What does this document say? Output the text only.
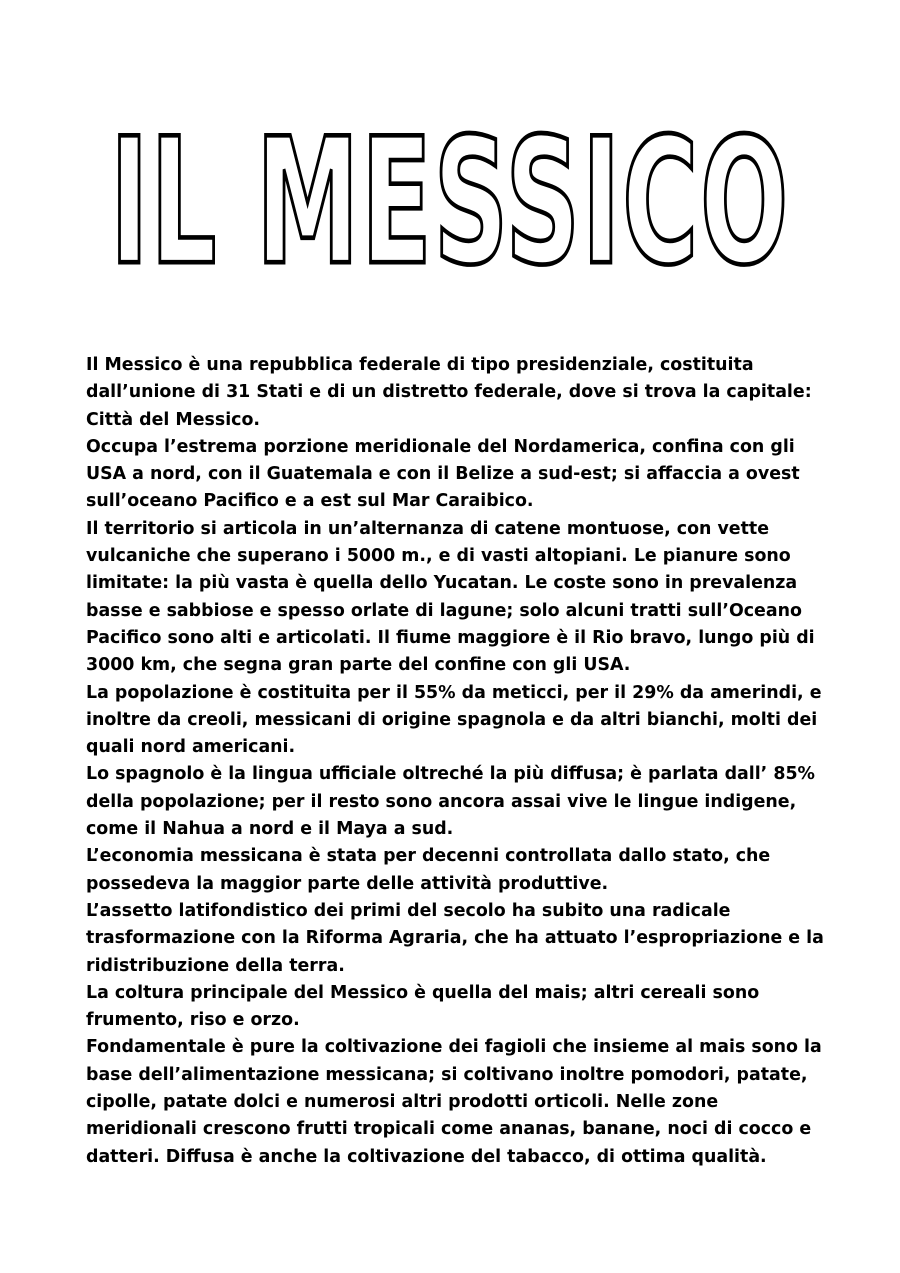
IL MESSICO

Il Messico è una repubblica federale di tipo presidenziale, costituita dall’unione di 31 Stati e di un distretto federale, dove si trova la capitale: Città del Messico.

Occupa l’estrema porzione meridionale del Nordamerica, confina con gli USA a nord, con il Guatemala e con il Belize a sud-est; si affaccia a ovest sull’oceano Pacifico e a est sul Mar Caraibico.

Il territorio si articola in un’alternanza di catene montuose, con vette vulcaniche che superano i 5000 m., e di vasti altopiani. Le pianure sono limitate: la più vasta è quella dello Yucatan. Le coste sono in prevalenza basse e sabbiose e spesso orlate di lagune; solo alcuni tratti sull’Oceano Pacifico sono alti e articolati. Il fiume maggiore è il Rio bravo, lungo più di 3000 km, che segna gran parte del confine con gli USA.

La popolazione è costituita per il 55% da meticci, per il 29% da amerindi, e inoltre da creoli, messicani di origine spagnola e da altri bianchi, molti dei quali nord americani.

Lo spagnolo è la lingua ufficiale oltreché la più diffusa; è parlata dall’ 85% della popolazione; per il resto sono ancora assai vive le lingue indigene, come il Nahua a nord e il Maya a sud.

L’economia messicana è stata per decenni controllata dallo stato, che possedeva la maggior parte delle attività produttive.

L’assetto latifondistico dei primi del secolo ha subito una radicale trasformazione con la Riforma Agraria, che ha attuato l’espropriazione e la ridistribuzione della terra.

La coltura principale del Messico è quella del mais; altri cereali sono frumento, riso e orzo.

Fondamentale è pure la coltivazione dei fagioli che insieme al mais sono la base dell’alimentazione messicana; si coltivano inoltre pomodori, patate, cipolle, patate dolci e numerosi altri prodotti orticoli. Nelle zone meridionali crescono frutti tropicali come ananas, banane, noci di cocco e datteri. Diffusa è anche la coltivazione del tabacco, di ottima qualità.
